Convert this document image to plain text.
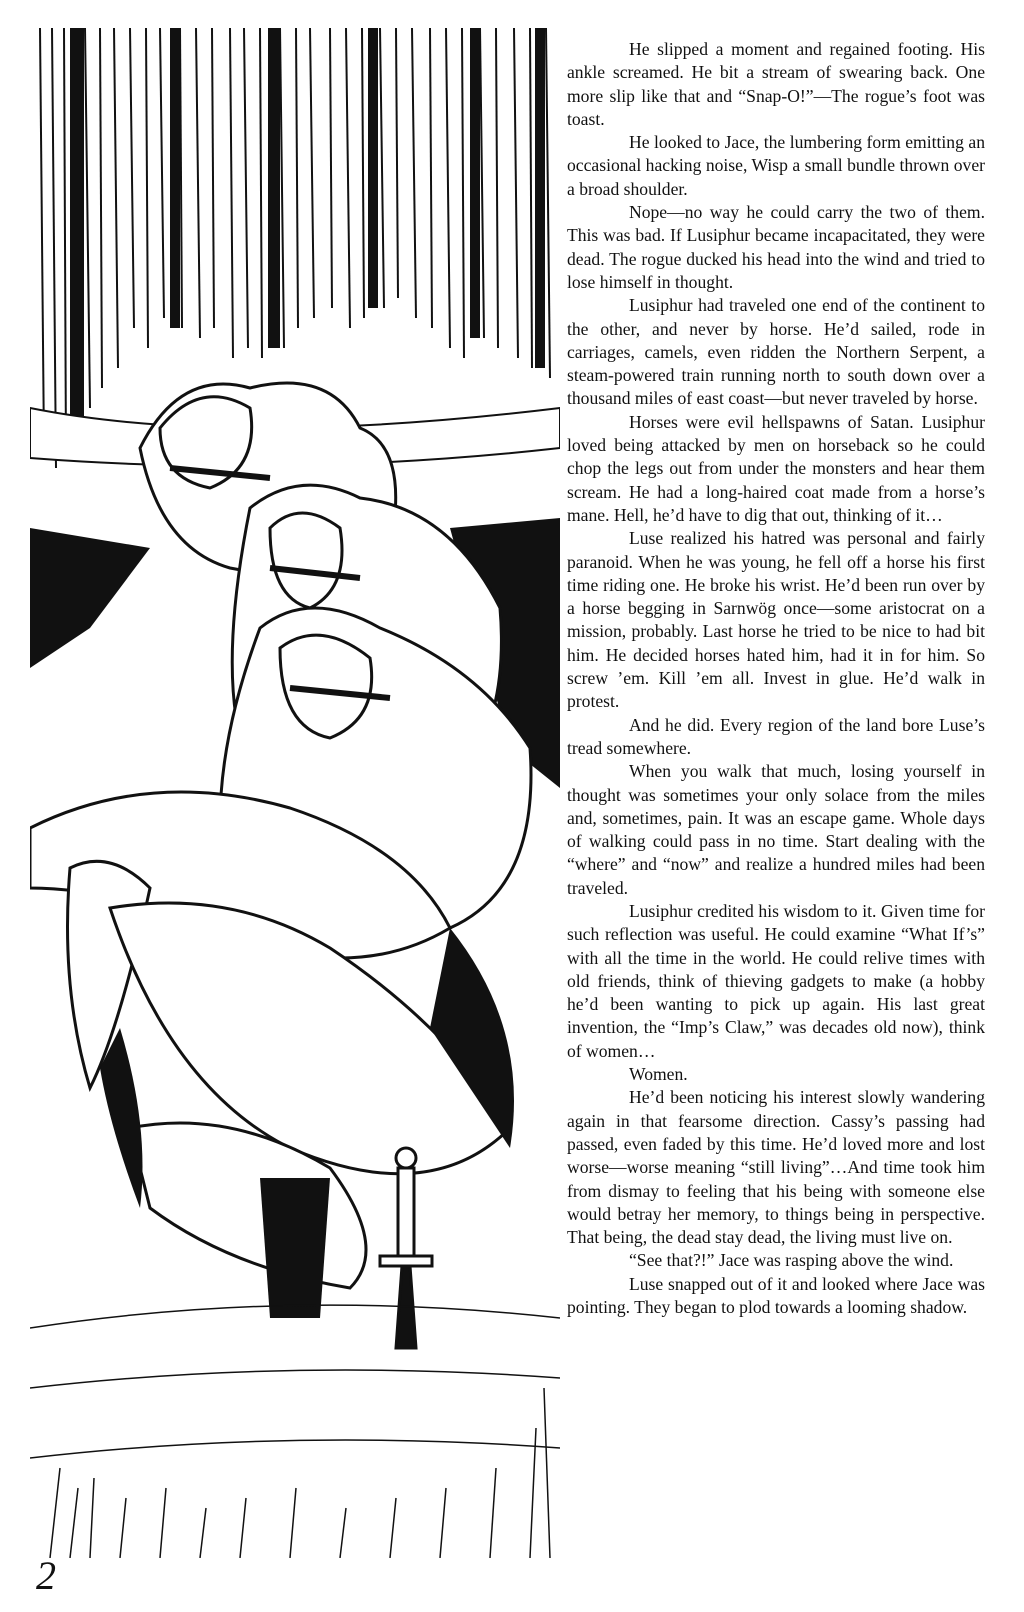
2

He slipped a moment and regained footing. His ankle screamed. He bit a stream of swearing back. One more slip like that and “Snap-O!”—The rogue’s foot was toast.

He looked to Jace, the lumbering form emitting an occasional hacking noise, Wisp a small bundle thrown over a broad shoulder.

Nope—no way he could carry the two of them. This was bad. If Lusiphur became incapacitated, they were dead. The rogue ducked his head into the wind and tried to lose himself in thought.

Lusiphur had traveled one end of the continent to the other, and never by horse. He’d sailed, rode in carriages, camels, even ridden the Northern Serpent, a steam-powered train running north to south down over a thousand miles of east coast—but never traveled by horse.

Horses were evil hellspawns of Satan. Lusiphur loved being attacked by men on horseback so he could chop the legs out from under the monsters and hear them scream. He had a long-haired coat made from a horse’s mane. Hell, he’d have to dig that out, thinking of it…

Luse realized his hatred was personal and fairly paranoid. When he was young, he fell off a horse his first time riding one. He broke his wrist. He’d been run over by a horse begging in Sarnwög once—some aristocrat on a mission, probably. Last horse he tried to be nice to had bit him. He decided horses hated him, had it in for him. So screw ’em. Kill ’em all. Invest in glue. He’d walk in protest.

And he did. Every region of the land bore Luse’s tread somewhere.

When you walk that much, losing yourself in thought was sometimes your only solace from the miles and, sometimes, pain. It was an escape game. Whole days of walking could pass in no time. Start dealing with the “where” and “now” and realize a hundred miles had been traveled.

Lusiphur credited his wisdom to it. Given time for such reflection was useful. He could examine “What If’s” with all the time in the world. He could relive times with old friends, think of thieving gadgets to make (a hobby he’d been wanting to pick up again. His last great invention, the “Imp’s Claw,” was decades old now), think of women…

Women.

He’d been noticing his interest slowly wandering again in that fearsome direction. Cassy’s passing had passed, even faded by this time. He’d loved more and lost worse—worse meaning “still living”…And time took him from dismay to feeling that his being with someone else would betray her memory, to things being in perspective. That being, the dead stay dead, the living must live on.

“See that?!” Jace was rasping above the wind.

Luse snapped out of it and looked where Jace was pointing. They began to plod towards a looming shadow.
